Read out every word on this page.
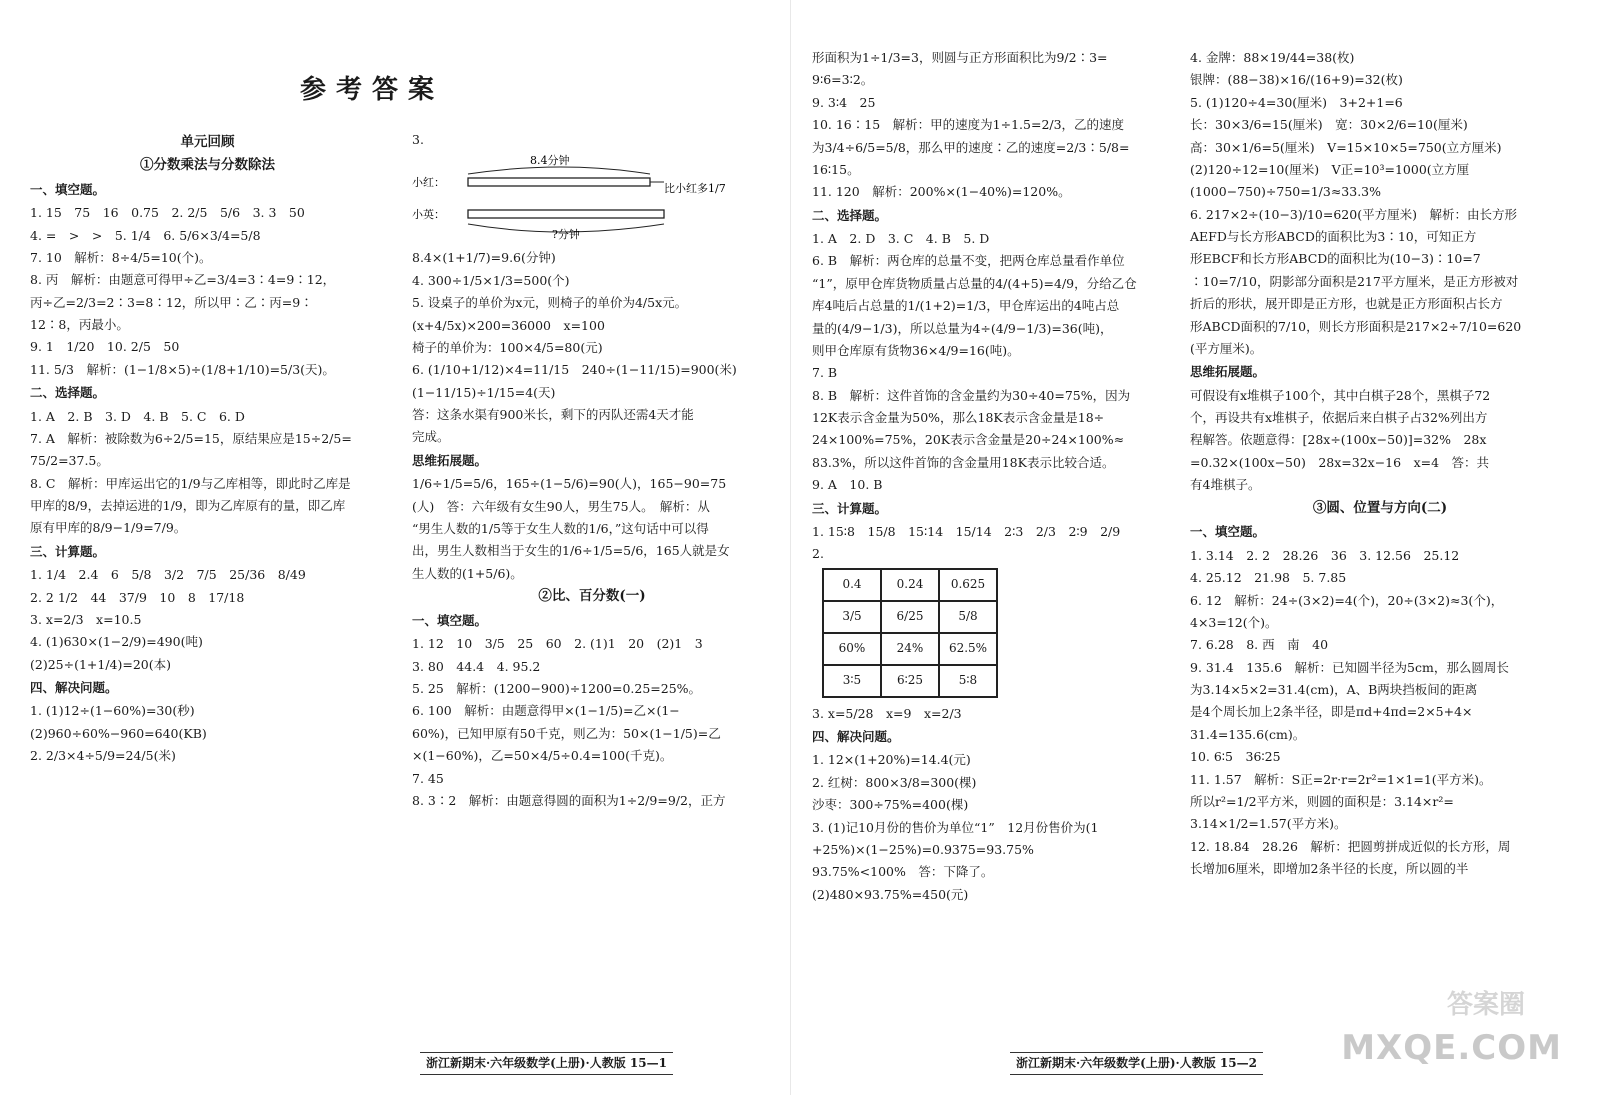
参考答案
单元回顾
①分数乘法与分数除法
一、填空题。
1. 15　75　16　0.75　2. 2/5　5/6　3. 3　50
4. =　>　>　5. 1/4　6. 5/6×3/4=5/8
7. 10　解析：8÷4/5=10(个)。
8. 丙　解析：由题意可得甲÷乙=3/4=3∶4=9∶12，
丙÷乙=2/3=2∶3=8∶12，所以甲∶乙∶丙=9∶
12∶8，丙最小。
9. 1　1/20　10. 2/5　50
11. 5/3　解析：(1−1/8×5)÷(1/8+1/10)=5/3(天)。
二、选择题。
1. A　2. B　3. D　4. B　5. C　6. D
7. A　解析：被除数为6÷2/5=15，原结果应是15÷2/5=
75/2=37.5。
8. C　解析：甲库运出它的1/9与乙库相等，即此时乙库是
甲库的8/9，去掉运进的1/9，即为乙库原有的量，即乙库
原有甲库的8/9−1/9=7/9。
三、计算题。
1. 1/4　2.4　6　5/8　3/2　7/5　25/36　8/49
2. 2 1/2　44　37/9　10　8　17/18
3. x=2/3　x=10.5
4. (1)630×(1−2/9)=490(吨)
(2)25÷(1+1/4)=20(本)
四、解决问题。
1. (1)12÷(1−60%)=30(秒)
(2)960÷60%−960=640(KB)
2. 2/3×4÷5/9=24/5(米)
3.
8.4分钟
小红：	比小红多1/7
小英：
?分钟
8.4×(1+1/7)=9.6(分钟)
4. 300÷1/5×1/3=500(个)
5. 设桌子的单价为x元，则椅子的单价为4/5x元。
(x+4/5x)×200=36000　x=100
椅子的单价为：100×4/5=80(元)
6. (1/10+1/12)×4=11/15　240÷(1−11/15)=900(米)
(1−11/15)÷1/15=4(天)
答：这条水渠有900米长，剩下的丙队还需4天才能
完成。
思维拓展题。
1/6÷1/5=5/6，165÷(1−5/6)=90(人)，165−90=75
(人)　答：六年级有女生90人，男生75人。　解析：从
“男生人数的1/5等于女生人数的1/6，”这句话中可以得
出，男生人数相当于女生的1/6÷1/5=5/6，165人就是女
生人数的(1+5/6)。
②比、百分数(一)
一、填空题。
1. 12　10　3/5　25　60　2. (1)1　20　(2)1　3
3. 80　44.4　4. 95.2
5. 25　解析：(1200−900)÷1200=0.25=25%。
6. 100　解析：由题意得甲×(1−1/5)=乙×(1−
60%)，已知甲原有50千克，则乙为：50×(1−1/5)=乙
×(1−60%)，乙=50×4/5÷0.4=100(千克)。
7. 45
8. 3∶2　解析：由题意得圆的面积为1÷2/9=9/2，正方
形面积为1÷1/3=3，则圆与正方形面积比为9/2∶3=
9∶6=3∶2。
9. 3∶4　25
10. 16∶15　解析：甲的速度为1÷1.5=2/3，乙的速度
为3/4÷6/5=5/8，那么甲的速度∶乙的速度=2/3∶5/8=
16∶15。
11. 120　解析：200%×(1−40%)=120%。
二、选择题。
1. A　2. D　3. C　4. B　5. D
6. B　解析：两仓库的总量不变，把两仓库总量看作单位
“1”，原甲仓库货物质量占总量的4/(4+5)=4/9，分给乙仓
库4吨后占总量的1/(1+2)=1/3，甲仓库运出的4吨占总
量的(4/9−1/3)，所以总量为4÷(4/9−1/3)=36(吨)，
则甲仓库原有货物36×4/9=16(吨)。
7. B
8. B　解析：这件首饰的含金量约为30÷40=75%，因为
12K表示含金量为50%，那么18K表示含金量是18÷
24×100%=75%，20K表示含金量是20÷24×100%≈
83.3%，所以这件首饰的含金量用18K表示比较合适。
9. A　10. B
三、计算题。
1. 15∶8　15/8　15∶14　15/14　2∶3　2/3　2∶9　2/9
2.
0.4	0.24	0.625
3/5	6/25	5/8
60%	24%	62.5%
3∶5	6∶25	5∶8
3. x=5/28　x=9　x=2/3
四、解决问题。
1. 12×(1+20%)=14.4(元)
2. 红树：800×3/8=300(棵)
沙枣：300÷75%=400(棵)
3. (1)记10月份的售价为单位“1”　12月份售价为(1
+25%)×(1−25%)=0.9375=93.75%
93.75%<100%　答：下降了。
(2)480×93.75%=450(元)
4. 金牌：88×19/44=38(枚)
银牌：(88−38)×16/(16+9)=32(枚)
5. (1)120÷4=30(厘米)　3+2+1=6
长：30×3/6=15(厘米)　宽：30×2/6=10(厘米)
高：30×1/6=5(厘米)　V=15×10×5=750(立方厘米)
(2)120÷12=10(厘米)　V正=10³=1000(立方厘
(1000−750)÷750=1/3≈33.3%
6. 217×2÷(10−3)/10=620(平方厘米)　解析：由长方形
AEFD与长方形ABCD的面积比为3∶10，可知正方
形EBCF和长方形ABCD的面积比为(10−3)∶10=7
∶10=7/10，阴影部分面积是217平方厘米，是正方形被对
折后的形状，展开即是正方形，也就是正方形面积占长方
形ABCD面积的7/10，则长方形面积是217×2÷7/10=620
(平方厘米)。
思维拓展题。
可假设有x堆棋子100个，其中白棋子28个，黑棋子72
个，再设共有x堆棋子，依据后来白棋子占32%列出方
程解答。依题意得：[28x÷(100x−50)]=32%　28x
=0.32×(100x−50)　28x=32x−16　x=4　答：共
有4堆棋子。
③圆、位置与方向(二)
一、填空题。
1. 3.14　2. 2　28.26　36　3. 12.56　25.12
4. 25.12　21.98　5. 7.85
6. 12　解析：24÷(3×2)=4(个)，20÷(3×2)≈3(个)，
4×3=12(个)。
7. 6.28　8. 西　南　40
9. 31.4　135.6　解析：已知圆半径为5cm，那么圆周长
为3.14×5×2=31.4(cm)，A、B两块挡板间的距离
是4个周长加上2条半径，即是πd+4πd=2×5+4×
31.4=135.6(cm)。
10. 6∶5　36∶25
11. 1.57　解析：S正=2r·r=2r²=1×1=1(平方米)。
所以r²=1/2平方米，则圆的面积是：3.14×r²=
3.14×1/2=1.57(平方米)。
12. 18.84　28.26　解析：把圆剪拼成近似的长方形，周
长增加6厘米，即增加2条半径的长度，所以圆的半
浙江新期末·六年级数学(上册)·人教版 15—1	浙江新期末·六年级数学(上册)·人教版 15—2
答案圈
MXQE.COM
